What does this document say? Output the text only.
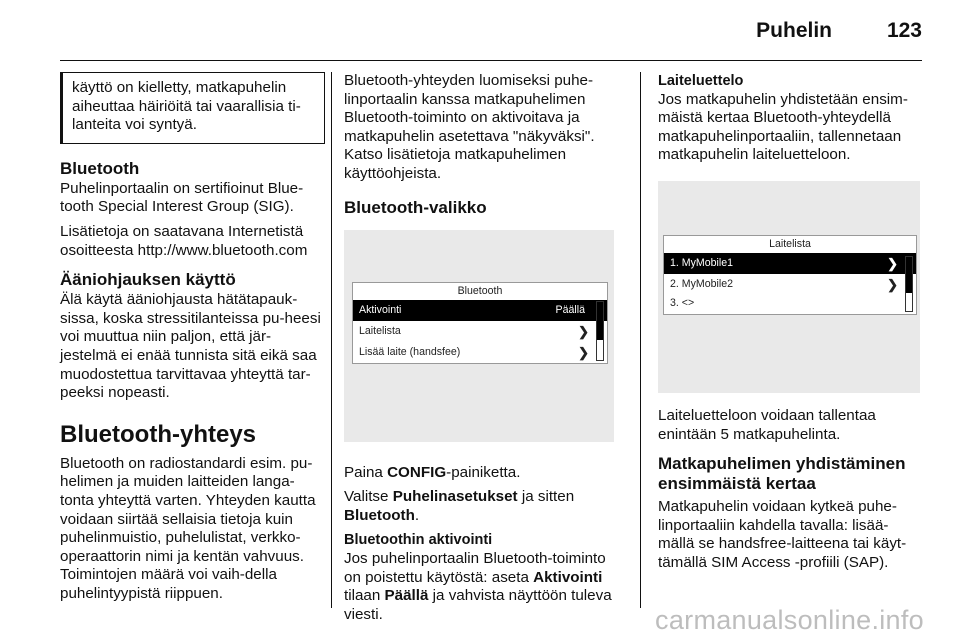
Puhelin	123
käyttö on kielletty, matkapuhelin aiheuttaa häiriöitä tai vaarallisia ti-lanteita voi syntyä.
Bluetooth

Puhelinportaalin on sertifioinut Blue-tooth Special Interest Group (SIG).

Lisätietoja on saatavana Internetistä osoitteesta http://www.bluetooth.com

Ääniohjauksen käyttö

Älä käytä ääniohjausta hätätapauk-sissa, koska stressitilanteissa pu-heesi voi muuttua niin paljon, että jär-jestelmä ei enää tunnista sitä eikä saa muodostettua tarvittavaa yhteyttä tar-peeksi nopeasti.

Bluetooth-yhteys

Bluetooth on radiostandardi esim. pu-helimen ja muiden laitteiden langa-tonta yhteyttä varten. Yhteyden kautta voidaan siirtää sellaisia tietoja kuin puhelinmuistio, puhelulistat, verkko-operaattorin nimi ja kentän vahvuus. Toimintojen määrä voi vaih-della puhelintyypistä riippuen.

Bluetooth-yhteyden luomiseksi puhe-linportaalin kanssa matkapuhelimen Bluetooth-toiminto on aktivoitava ja matkapuhelin asetettava "näkyväksi". Katso lisätietoja matkapuhelimen käyttöohjeista.

Bluetooth-valikko
Bluetooth
Aktivointi	Päällä
Laitelista	❯
Lisää laite (handsfee)	❯

Paina CONFIG-painiketta.

Valitse Puhelinasetukset ja sitten
Bluetooth.

Bluetoothin aktivointi

Jos puhelinportaalin Bluetooth-toiminto on poistettu käytöstä: aseta Aktivointi tilaan Päällä ja vahvista näyttöön tuleva viesti.

Laiteluettelo

Jos matkapuhelin yhdistetään ensim-mäistä kertaa Bluetooth-yhteydellä matkapuhelinportaaliin, tallennetaan matkapuhelin laiteluetteloon.

Laitelista
1. MyMobile1	❯
2. MyMobile2	❯
3. <>

Laiteluetteloon voidaan tallentaa enintään 5 matkapuhelinta.

Matkapuhelimen yhdistäminen ensimmäistä kertaa

Matkapuhelin voidaan kytkeä puhe-linportaaliin kahdella tavalla: lisää-mällä se handsfree-laitteena tai käyt-tämällä SIM Access -profiili (SAP).

carmanualsonline.info
